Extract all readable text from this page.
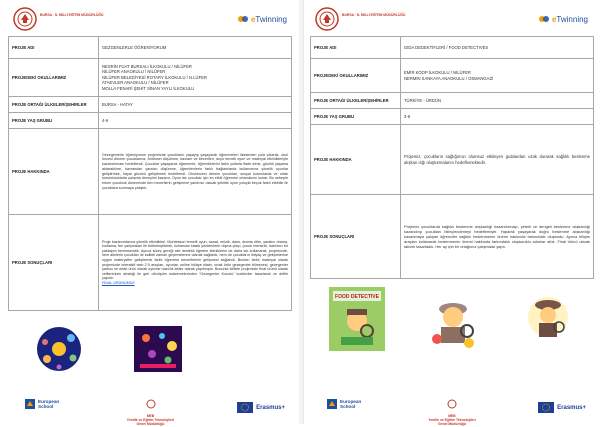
BURSA · İL MİLLİ EĞİTİM MÜDÜRLÜĞÜ	eTwinning
PROJE ADI	GEZGENLERLE ÖĞRENİYORUM
PROJEDEKİ OKULLARIMIZ	NESRİN FUAT BURSALI İLKOKULU / NİLÜFER
NİLÜFER ANAOKULU / NİLÜFER
NİLÜFER BELEDİYESİ ROTARY İLKOKULU / N.LÜFER
ATAEVLER ANAOKULU / NİLÜFER
MOLLA FENARİ ŞEHİT SİNAN YAYLI İLKOKULU

PROJE ORTAĞI ÜLKELER/ŞEHİRLER	BURSA - HATAY
PROJE YAŞ GRUBU	4-6
PROJE HAKKINDA	Gezegenlerle öğreniyorum projemizde çocukların yaşayıp yaşayarak öğrenmeleri ilkesinden yola çıkarak, okul öncesi dönem çocuklarına, bütünsel düşünme, kavram ve becerileri, duyu temelli oyun ve materyal etkinlikleriyle kazandırması hedeflendi. Çocuklar yaşayarak öğrenerek, öğrendiklerini farklı yollarla ifade etme, günlük yaşama aktarabilme, kavramları yaratıcı düşünme, öğrenilenlerin farklı bağlamlarda kullanımına yönelik oyunlar geliştirmek, hayal gücünü geliştirmek hedeflendi. Okulöncesi dönem çocukları, sosyal kurumlarda ve ortak sorumluluklarla çalışma deneyimi kazanır. Oyun ise çocuklar için en etkili öğrenme ortamlarını sunar. Bu sebeple erken çocukluk döneminde tüm becerilerin gelişimine yardımcı olacak şekilde oyun yoluyla birçok farklı etkinlik ile çocuklara sunmaya çalıştık.
PROJE SONUÇLARI	Proje kazanımlarına yönelik etkinlikleri, Montessori temelli oyun, sanat, müzik, dans, drama ritim, yaratıcı drama, kodlama, fen çalışmaları ile bütünleştirerek, kullanılan klasik yöntemlerin dışına çıkıp, çocuk merkezli, katılımcı bir yaklaşım benimsendik. Ayrıca süreç gereği aile destekli öğretim tekniklerini de daha sık kullanarak, projemizde, hem ailelerin çocukları ile kaliteli zaman geçirmelerine olanak sağladık, hem de çocukların ihtiyaç ve gelişimlerine uygun materyaller geliştirerek farklı öğrenme becerilerinin gelişmesi sağlandı. Bunları farklı materyal olarak projemizde interaktif web 2.0 araçları, oyunlar, online hikâye kitabı, ortak ürün gezegenler bilmecesi, gezegenler şarkısı ve ortak ürün olarak oyunlar hazırlık kitabı olarak yapılmıştır. Bununla birlikte projemizin final ürünü olarak velilerimizin desteği ile geri dönüşüm malzemelerinden “Gezegenler Konulu” kostümler tasarlandı ve defile yapıldı.
FİNAL ÜRÜNÜMÜZ
European
School
MEB
Yenilik ve Eğitim Teknolojileri
Genel Müdürlüğü
Erasmus+
BURSA · İL MİLLİ EĞİTİM MÜDÜRLÜĞÜ	eTwinning
PROJE ADI	GIDA DEDEKTİFLERİ / FOOD DETECTIVES
PROJEDEKİ OKULLARIMIZ	EMİR KOOP İLKOKULU / NİLÜFER
NERMİN SANKAYA ANAOKULU / OSMANGAZİ

PROJE ORTAĞI ÜLKELER/ŞEHİRLER	TÜRKİYE - ÜRDÜN
PROJE YAŞ GRUBU	3-6
PROJE HAKKINDA	Projemiz, çocukların sağlığımızı olumsuz etkileyen gıdalardan uzak durarak sağlıklı beslenme alışkan ılığı oluşturmalarını hedeflemektedir.
PROJE SONUÇLARI	Projemiz çocuklarda sağlıklı beslenme alışkanlığı kazandırmayı, yeterli ve dengeli beslenme alışkanlığı kazandırıp çocukları bilinçlendirmeyi hedeflemiştir. Yaparak yaşayarak doğru beslenme alışkanlığı kazanmaya çalışan öğrenciler sağlıklı beslenmenin önemi hakkında farkındalık oluşturdu. Ayrıca bilişim araçları kullanarak beslenmenin önemi hakkında farkındalık oluşturuldu adımlar attık. Final ürünü olarak takvim tasarladık. Her ay için bir ortağımız çalışmalar yaptı.
FOOD DETECTIVE
European
School
MEB
Yenilik ve Eğitim Teknolojileri
Genel Müdürlüğü
Erasmus+
